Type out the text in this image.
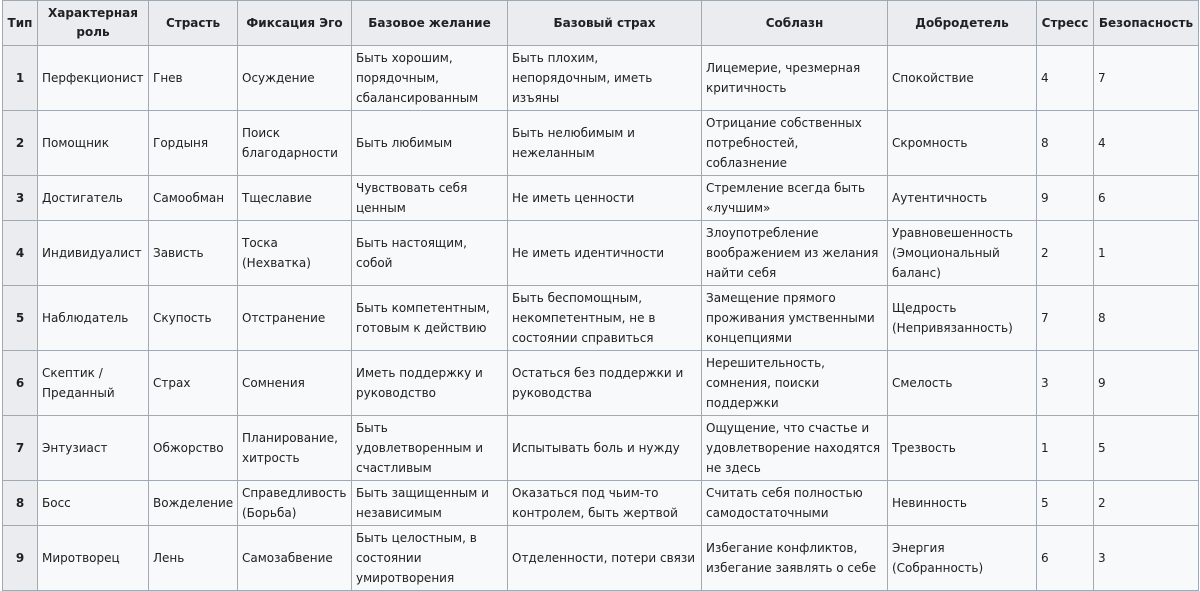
Тип	Характерная роль	Страсть	Фиксация Эго	Базовое желание	Базовый страх	Соблазн	Добродетель	Стресс	Безопасность
1	Перфекционист	Гнев	Осуждение	Быть хорошим, порядочным, сбалансированным	Быть плохим, непорядочным, иметь изъяны	Лицемерие, чрезмерная критичность	Спокойствие	4	7
2	Помощник	Гордыня	Поиск благодарности	Быть любимым	Быть нелюбимым и нежеланным	Отрицание собственных потребностей, соблазнение	Скромность	8	4
3	Достигатель	Самообман	Тщеславие	Чувствовать себя ценным	Не иметь ценности	Стремление всегда быть «лучшим»	Аутентичность	9	6
4	Индивидуалист	Зависть	Тоска (Нехватка)	Быть настоящим, собой	Не иметь идентичности	Злоупотребление воображением из желания найти себя	Уравновешенность (Эмоциональный баланс)	2	1
5	Наблюдатель	Скупость	Отстранение	Быть компетентным, готовым к действию	Быть беспомощным, некомпетентным, не в состоянии справиться	Замещение прямого проживания умственными концепциями	Щедрость (Непривязанность)	7	8
6	Скептик / Преданный	Страх	Сомнения	Иметь поддержку и руководство	Остаться без поддержки и руководства	Нерешительность, сомнения, поиски поддержки	Смелость	3	9
7	Энтузиаст	Обжорство	Планирование, хитрость	Быть удовлетворенным и счастливым	Испытывать боль и нужду	Ощущение, что счастье и удовлетворение находятся не здесь	Трезвость	1	5
8	Босс	Вожделение	Справедливость (Борьба)	Быть защищенным и независимым	Оказаться под чьим-то контролем, быть жертвой	Считать себя полностью самодостаточными	Невинность	5	2
9	Миротворец	Лень	Самозабвение	Быть целостным, в состоянии умиротворения	Отделенности, потери связи	Избегание конфликтов, избегание заявлять о себе	Энергия (Собранность)	6	3
